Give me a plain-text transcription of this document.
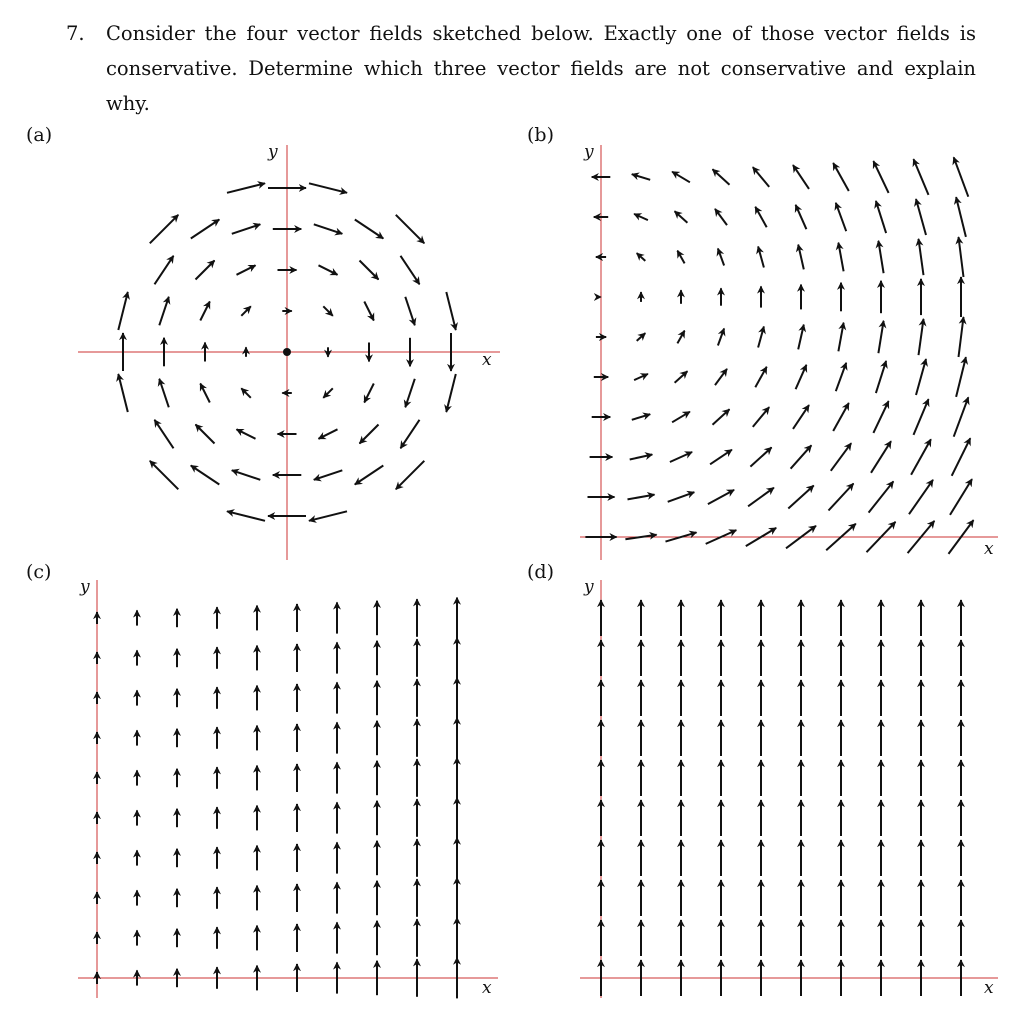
7. Consider the four vector fields sketched below. Exactly one of those vector fields is conservative. Determine which three vector fields are not conservative and explain why.
(a)	(b)
(c)	(d)
x
y
x
y
x
y
x
y
